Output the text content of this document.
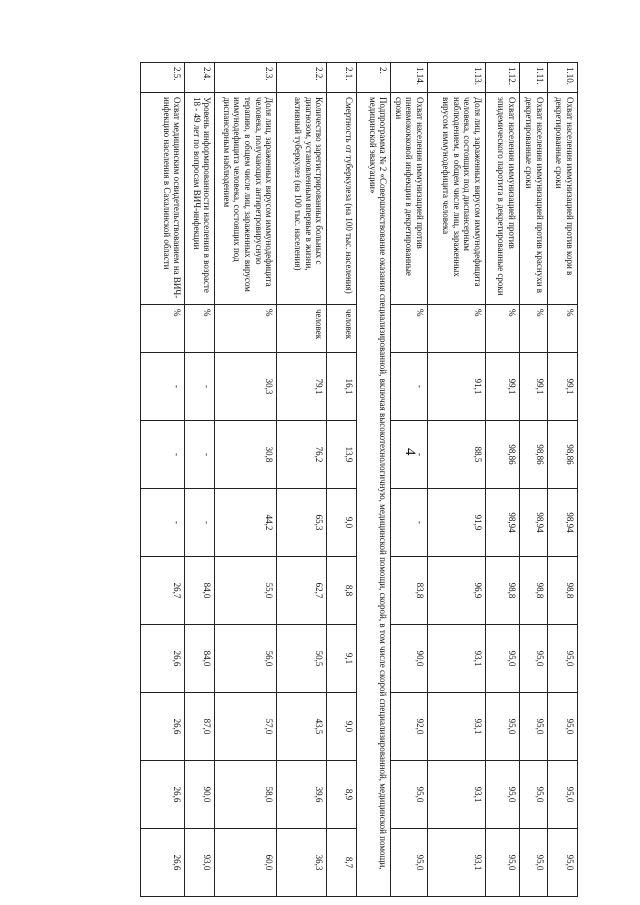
4
1.10.	Охват населения иммунизацией против кори в декретированные сроки	%	99,1	98,86	98,94	98,8	95,0	95,0	95,0	95,0
1.11.	Охват населения иммунизацией против краснухи в декретированные сроки	%	99,1	98,86	98,94	98,8	95,0	95,0	95,0	95,0
1.12.	Охват населения иммунизацией против эпидемического паротита в декретированные сроки	%	99,1	98,86	98,94	98,8	95,0	95,0	95,0	95,0
1.13.	Доля лиц, зараженных вирусом иммунодефицита человека, состоящих под диспансерным наблюдением, в общем числе лиц, зараженных вирусом иммунодефицита человека	%	91,1	88,5	91,9	96,9	93,1	93,1	93,1	93,1
1.14.	Охват населения иммунизацией против пневмококковой инфекции в декретированные сроки	%	-	-	-	83,8	90,0	92,0	95,0	95,0
2.	Подпрограмма № 2 «Совершенствование оказания специализированной, включая высокотехнологичную, медицинской помощи, скорой, в том числе скорой специализированной, медицинской помощи, медицинской эвакуации»									
2.1.	Смертность от туберкулеза (на 100 тыс. населения)	человек	16,1	13,9	9,0	8,8	9,1	9,0	8,9	8,7
2.2.	Количество зарегистрированных больных с диагнозом, установленным впервые в жизни, активный туберкулез (на 100 тыс. населения)	человек	79,1	76,2	65,3	62,7	50,5	43,5	39,6	36,3
2.3.	Доля лиц, зараженных вирусом иммунодефицита человека, получающих антиретровирусную терапию, в общем числе лиц, зараженных вирусом иммунодефицита человека, состоящих под диспансерным наблюдением	%	30,3	30,8	44,2	55,0	56,0	57,0	58,0	60,0
2.4.	Уровень информированности населения в возрасте 18 - 49 лет по вопросам ВИЧ-инфекции	%	-	-	-	84,0	84,0	87,0	90,0	93,0
2.5.	Охват медицинским освидетельствованием на ВИЧ-инфекцию населения в Сахалинской области	%	-	-	-	26,7	26,6	26,6	26,6	26,6
